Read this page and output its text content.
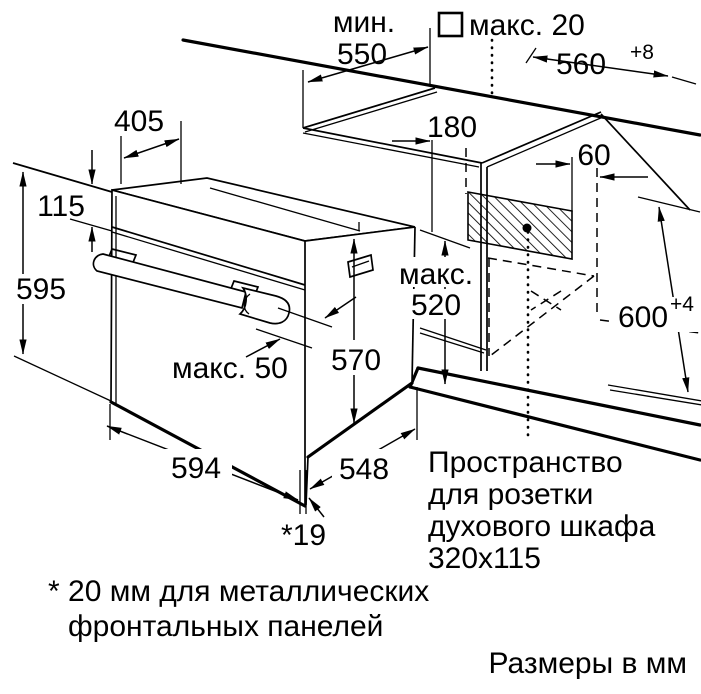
мин.
550
макс. 20
560 +8
405
115
595
180
60
600 +4
макс.
520
570
макс. 50
594	548
*19
Пространство
для розетки
духового шкафа
320x115
* 20 мм для металлических
фронтальных панелей
Размеры в мм
